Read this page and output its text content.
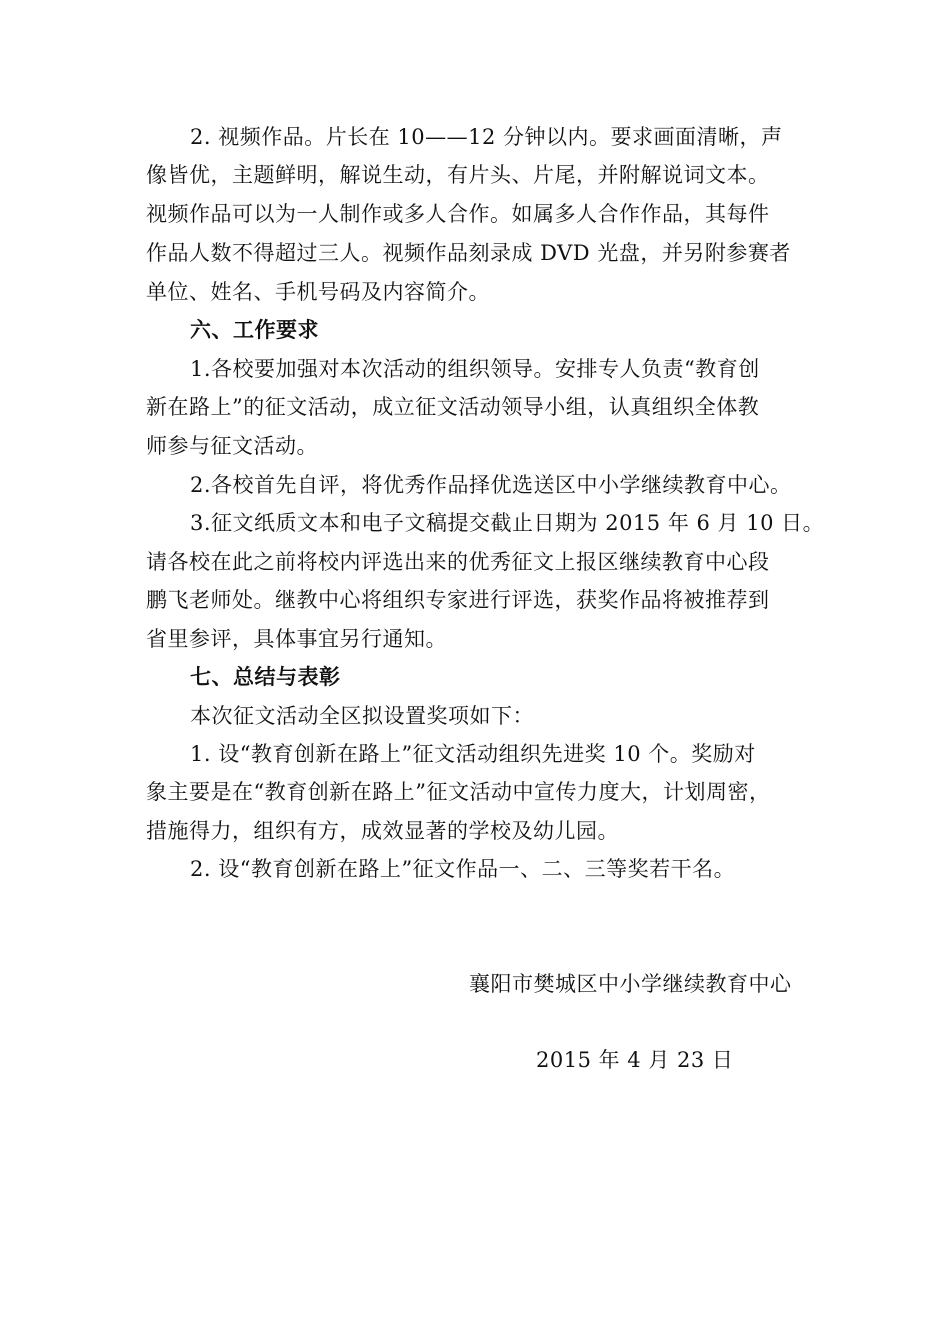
2. 视频作品。片长在 10——12 分钟以内。要求画面清晰，声
像皆优，主题鲜明，解说生动，有片头、片尾，并附解说词文本。
视频作品可以为一人制作或多人合作。如属多人合作作品，其每件
作品人数不得超过三人。视频作品刻录成 DVD 光盘，并另附参赛者
单位、姓名、手机号码及内容简介。
六、工作要求
1.各校要加强对本次活动的组织领导。安排专人负责“教育创
新在路上”的征文活动，成立征文活动领导小组，认真组织全体教
师参与征文活动。
2.各校首先自评，将优秀作品择优选送区中小学继续教育中心。
3.征文纸质文本和电子文稿提交截止日期为 2015 年 6 月 10 日。
请各校在此之前将校内评选出来的优秀征文上报区继续教育中心段
鹏飞老师处。继教中心将组织专家进行评选，获奖作品将被推荐到
省里参评，具体事宜另行通知。
七、总结与表彰
本次征文活动全区拟设置奖项如下：
1. 设“教育创新在路上”征文活动组织先进奖 10 个。奖励对
象主要是在“教育创新在路上”征文活动中宣传力度大，计划周密，
措施得力，组织有方，成效显著的学校及幼儿园。
2. 设“教育创新在路上”征文作品一、二、三等奖若干名。
襄阳市樊城区中小学继续教育中心
2015 年 4 月 23 日
